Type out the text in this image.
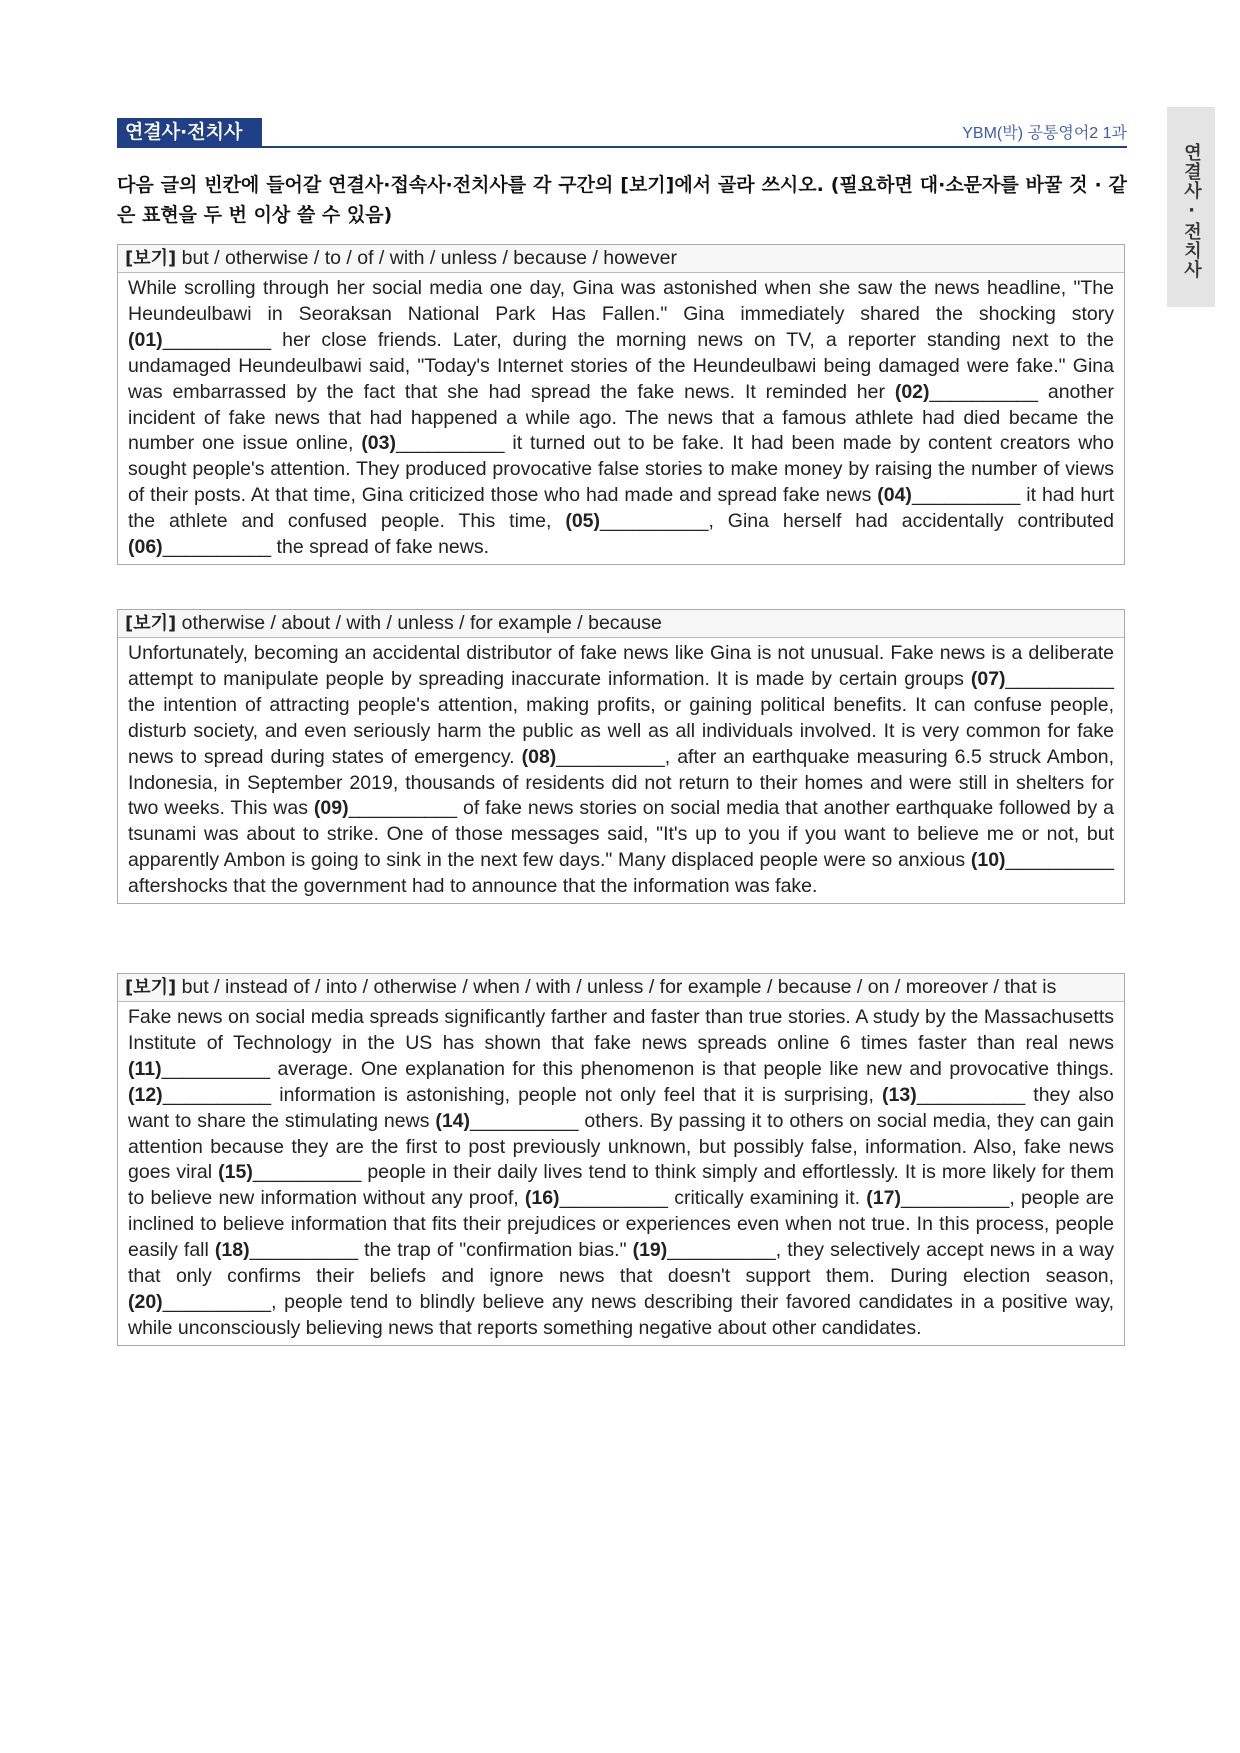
연결사·전치사	YBM(박) 공통영어2 1과
연결사·전치사
다음 글의 빈칸에 들어갈 연결사·접속사·전치사를 각 구간의 [보기]에서 골라 쓰시오. (필요하면 대·소문자를 바꿀 것 · 같은 표현을 두 번 이상 쓸 수 있음)
[보기] but / otherwise / to / of / with / unless / because / however
While scrolling through her social media one day, Gina was astonished when she saw the news headline, "The Heundeulbawi in Seoraksan National Park Has Fallen." Gina immediately shared the shocking story (01)__________ her close friends. Later, during the morning news on TV, a reporter standing next to the undamaged Heundeulbawi said, "Today's Internet stories of the Heundeulbawi being damaged were fake." Gina was embarrassed by the fact that she had spread the fake news. It reminded her (02)__________ another incident of fake news that had happened a while ago. The news that a famous athlete had died became the number one issue online, (03)__________ it turned out to be fake. It had been made by content creators who sought people's attention. They produced provocative false stories to make money by raising the number of views of their posts. At that time, Gina criticized those who had made and spread fake news (04)__________ it had hurt the athlete and confused people. This time, (05)__________, Gina herself had accidentally contributed (06)__________ the spread of fake news.
[보기] otherwise / about / with / unless / for example / because
Unfortunately, becoming an accidental distributor of fake news like Gina is not unusual. Fake news is a deliberate attempt to manipulate people by spreading inaccurate information. It is made by certain groups (07)__________ the intention of attracting people's attention, making profits, or gaining political benefits. It can confuse people, disturb society, and even seriously harm the public as well as all individuals involved. It is very common for fake news to spread during states of emergency. (08)__________, after an earthquake measuring 6.5 struck Ambon, Indonesia, in September 2019, thousands of residents did not return to their homes and were still in shelters for two weeks. This was (09)__________ of fake news stories on social media that another earthquake followed by a tsunami was about to strike. One of those messages said, "It's up to you if you want to believe me or not, but apparently Ambon is going to sink in the next few days." Many displaced people were so anxious (10)__________ aftershocks that the government had to announce that the information was fake.
[보기] but / instead of / into / otherwise / when / with / unless / for example / because / on / moreover / that is
Fake news on social media spreads significantly farther and faster than true stories. A study by the Massachusetts Institute of Technology in the US has shown that fake news spreads online 6 times faster than real news (11)__________ average. One explanation for this phenomenon is that people like new and provocative things. (12)__________ information is astonishing, people not only feel that it is surprising, (13)__________ they also want to share the stimulating news (14)__________ others. By passing it to others on social media, they can gain attention because they are the first to post previously unknown, but possibly false, information. Also, fake news goes viral (15)__________ people in their daily lives tend to think simply and effortlessly. It is more likely for them to believe new information without any proof, (16)__________ critically examining it. (17)__________, people are inclined to believe information that fits their prejudices or experiences even when not true. In this process, people easily fall (18)__________ the trap of "confirmation bias." (19)__________, they selectively accept news in a way that only confirms their beliefs and ignore news that doesn't support them. During election season, (20)__________, people tend to blindly believe any news describing their favored candidates in a positive way, while unconsciously believing news that reports something negative about other candidates.
